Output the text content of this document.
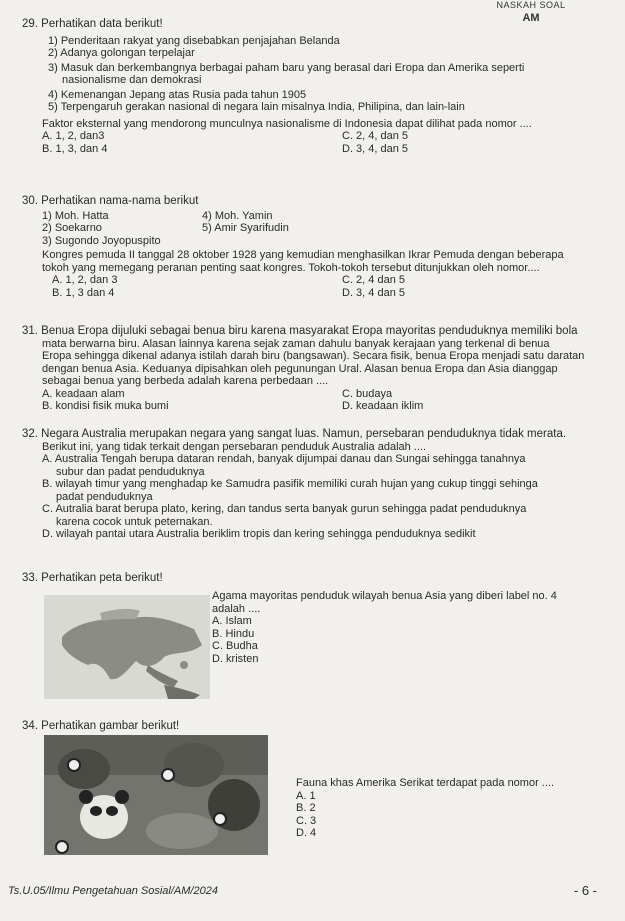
NASKAH SOAL
AM
29. Perhatikan data berikut!
1) Penderitaan rakyat yang disebabkan penjajahan Belanda
2) Adanya golongan terpelajar
3) Masuk dan berkembangnya berbagai paham baru yang berasal dari Eropa dan Amerika seperti
nasionalisme dan demokrasi
4) Kemenangan Jepang atas Rusia pada tahun 1905
5) Terpengaruh gerakan nasional di negara lain misalnya India, Philipina, dan lain-lain
Faktor eksternal yang mendorong munculnya nasionalisme di Indonesia dapat dilihat pada nomor ....
A. 1, 2, dan3	C. 2, 4, dan 5
B. 1, 3, dan 4	D. 3, 4, dan 5
30. Perhatikan nama-nama berikut
1) Moh. Hatta	4) Moh. Yamin
2) Soekarno	5) Amir Syarifudin
3) Sugondo Joyopuspito
Kongres pemuda II tanggal 28 oktober 1928 yang kemudian menghasilkan Ikrar Pemuda dengan beberapa
tokoh yang memegang peranan penting saat kongres. Tokoh-tokoh tersebut ditunjukkan oleh nomor....
A. 1, 2, dan 3	C. 2, 4 dan 5
B. 1, 3 dan 4	D. 3, 4 dan 5
31. Benua Eropa dijuluki sebagai benua biru karena masyarakat Eropa mayoritas penduduknya memiliki bola
mata berwarna biru. Alasan lainnya karena sejak zaman dahulu banyak kerajaan yang terkenal di benua
Eropa sehingga dikenal adanya istilah darah biru (bangsawan). Secara fisik, benua Eropa menjadi satu daratan
dengan benua Asia. Keduanya dipisahkan oleh pegunungan Ural. Alasan benua Eropa dan Asia dianggap
sebagai benua yang berbeda adalah karena perbedaan ....
A. keadaan alam	C. budaya
B. kondisi fisik muka bumi	D. keadaan iklim
32. Negara Australia merupakan negara yang sangat luas. Namun, persebaran penduduknya tidak merata.
Berikut ini, yang tidak terkait dengan persebaran penduduk Australia adalah ....
A. Australia Tengah berupa dataran rendah, banyak dijumpai danau dan Sungai sehingga tanahnya
subur dan padat penduduknya
B. wilayah timur yang menghadap ke Samudra pasifik memiliki curah hujan yang cukup tinggi sehinga
padat penduduknya
C. Autralia barat berupa plato, kering, dan tandus serta banyak gurun sehingga padat penduduknya
karena cocok untuk peternakan.
D. wilayah pantai utara Australia beriklim tropis dan kering sehingga penduduknya sedikit
33. Perhatikan peta berikut!
Agama mayoritas penduduk wilayah benua Asia yang diberi label no. 4
adalah ....
A. Islam
B. Hindu
C. Budha
D. kristen
34. Perhatikan gambar berikut!
Fauna khas Amerika Serikat terdapat pada nomor ....
A. 1
B. 2
C. 3
D. 4
Ts.U.05/Ilmu Pengetahuan Sosial/AM/2024	- 6 -
